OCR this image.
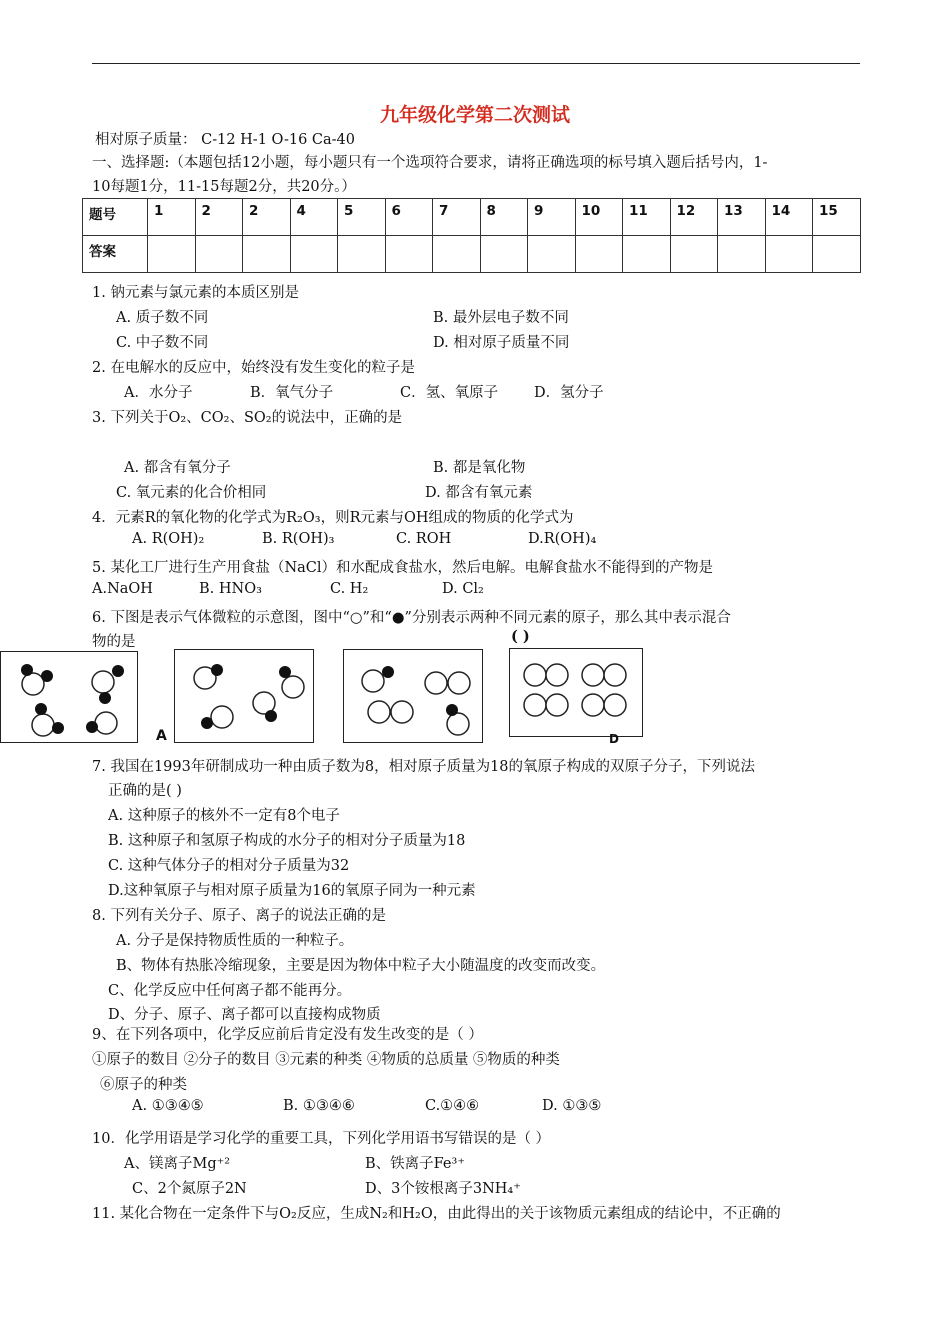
九年级化学第二次测试
相对原子质量： C-12 H-1 O-16 Ca-40
一、选择题:（本题包括12小题，每小题只有一个选项符合要求，请将正确选项的标号填入题后括号内，1-
10每题1分，11-15每题2分，共20分。）
题号	1	2	2	4	5	6	7	8	9	10	11	12	13	14	15
答案															
1. 钠元素与氯元素的本质区别是
A. 质子数不同	B. 最外层电子数不同
C. 中子数不同	D. 相对原子质量不同
2. 在电解水的反应中，始终没有发生变化的粒子是
A．水分子	B．氧气分子	C．氢、氧原子 D．氢分子
3. 下列关于O₂、CO₂、SO₂的说法中，正确的是
A. 都含有氧分子	B. 都是氧化物
C. 氧元素的化合价相同	D. 都含有氧元素
4．元素R的氧化物的化学式为R₂O₃，则R元素与OH组成的物质的化学式为
A. R(OH)₂	B. R(OH)₃	C. ROH	D.R(OH)₄
5. 某化工厂进行生产用食盐（NaCl）和水配成食盐水，然后电解。电解食盐水不能得到的产物是
A.NaOH	B. HNO₃	C. H₂	D. Cl₂
6. 下图是表示气体微粒的示意图，图中“○”和“●”分别表示两种不同元素的原子，那么其中表示混合
物的是	( )
A	D
7. 我国在1993年研制成功一种由质子数为8，相对原子质量为18的氧原子构成的双原子分子，下列说法
正确的是( )
A. 这种原子的核外不一定有8个电子
B. 这种原子和氢原子构成的水分子的相对分子质量为18
C. 这种气体分子的相对分子质量为32
D.这种氧原子与相对原子质量为16的氧原子同为一种元素
8. 下列有关分子、原子、离子的说法正确的是
A. 分子是保持物质性质的一种粒子。
B、物体有热胀冷缩现象，主要是因为物体中粒子大小随温度的改变而改变。
C、化学反应中任何离子都不能再分。
D、分子、原子、离子都可以直接构成物质
9、在下列各项中，化学反应前后肯定没有发生改变的是（ ）
①原子的数目 ②分子的数目 ③元素的种类 ④物质的总质量 ⑤物质的种类
⑥原子的种类
A. ①③④⑤	B. ①③④⑥	C.①④⑥	D. ①③⑤
10．化学用语是学习化学的重要工具，下列化学用语书写错误的是（ ）
A、镁离子Mg⁺²	B、铁离子Fe³⁺
C、2个氮原子2N	D、3个铵根离子3NH₄⁺
11. 某化合物在一定条件下与O₂反应，生成N₂和H₂O，由此得出的关于该物质元素组成的结论中，不正确的
